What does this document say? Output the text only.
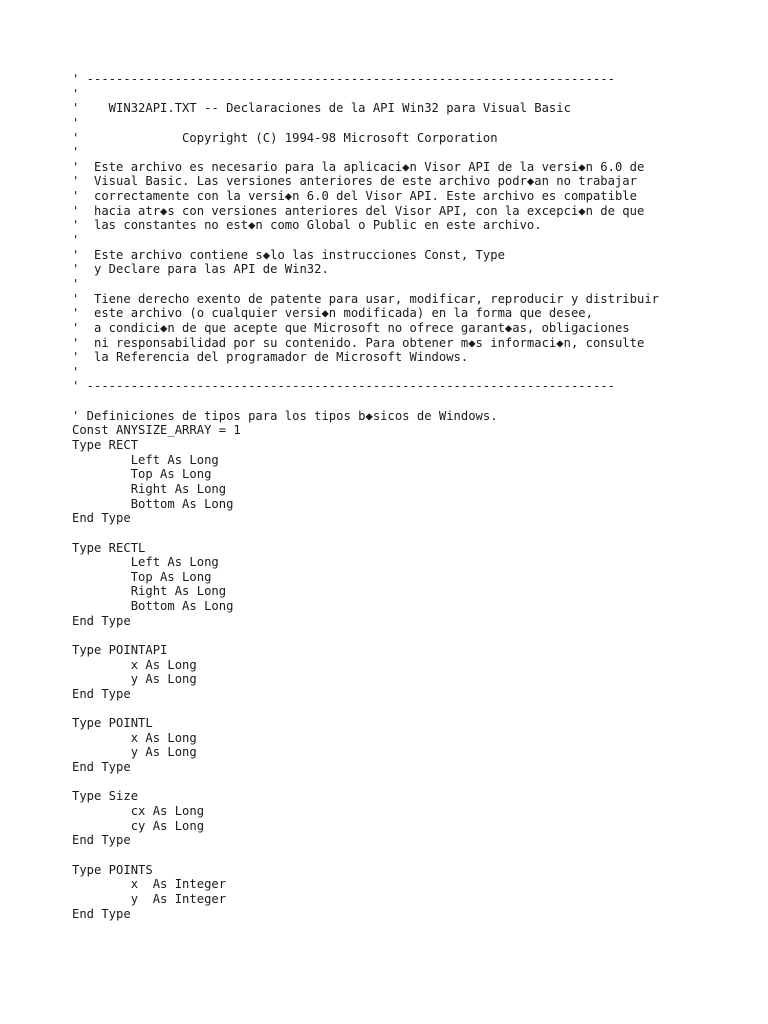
' ------------------------------------------------------------------------
'
'    WIN32API.TXT -- Declaraciones de la API Win32 para Visual Basic
'
'              Copyright (C) 1994-98 Microsoft Corporation
'
'  Este archivo es necesario para la aplicaci◆n Visor API de la versi◆n 6.0 de
'  Visual Basic. Las versiones anteriores de este archivo podr◆an no trabajar
'  correctamente con la versi◆n 6.0 del Visor API. Este archivo es compatible
'  hacia atr◆s con versiones anteriores del Visor API, con la excepci◆n de que
'  las constantes no est◆n como Global o Public en este archivo.
'
'  Este archivo contiene s◆lo las instrucciones Const, Type
'  y Declare para las API de Win32.
'
'  Tiene derecho exento de patente para usar, modificar, reproducir y distribuir
'  este archivo (o cualquier versi◆n modificada) en la forma que desee,
'  a condici◆n de que acepte que Microsoft no ofrece garant◆as, obligaciones
'  ni responsabilidad por su contenido. Para obtener m◆s informaci◆n, consulte
'  la Referencia del programador de Microsoft Windows.
'
' ------------------------------------------------------------------------
' Definiciones de tipos para los tipos b◆sicos de Windows.
Const ANYSIZE_ARRAY = 1
Type RECT
Left As Long
Top As Long
Right As Long
Bottom As Long
End Type
Type RECTL
Left As Long
Top As Long
Right As Long
Bottom As Long
End Type
Type POINTAPI
x As Long
y As Long
End Type
Type POINTL
x As Long
y As Long
End Type
Type Size
cx As Long
cy As Long
End Type
Type POINTS
x  As Integer
y  As Integer
End Type
